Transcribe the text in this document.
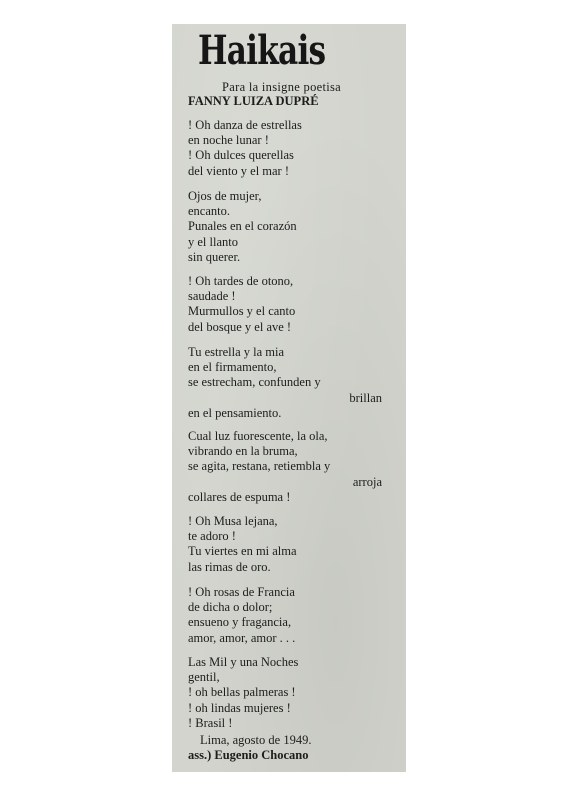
Haikais
Para la insigne poetisa
FANNY LUIZA DUPRÉ
! Oh danza de estrellas
en noche lunar !
! Oh dulces querellas
del viento y el mar !
Ojos de mujer,
encanto.
Punales en el corazón
y el llanto
sin querer.
! Oh tardes de otono,
saudade !
Murmullos y el canto
del bosque y el ave !
Tu estrella y la mia
en el firmamento,
se estrecham, confunden y
brillan
en el pensamiento.
Cual luz fuorescente, la ola,
vibrando en la bruma,
se agita, restana, retiembla y
arroja
collares de espuma !
! Oh Musa lejana,
te adoro !
Tu viertes en mi alma
las rimas de oro.
! Oh rosas de Francia
de dicha o dolor;
ensueno y fragancia,
amor, amor, amor . . .
Las Mil y una Noches
gentil,
! oh bellas palmeras !
! oh lindas mujeres !
! Brasil !
Lima, agosto de 1949.
ass.) Eugenio Chocano
